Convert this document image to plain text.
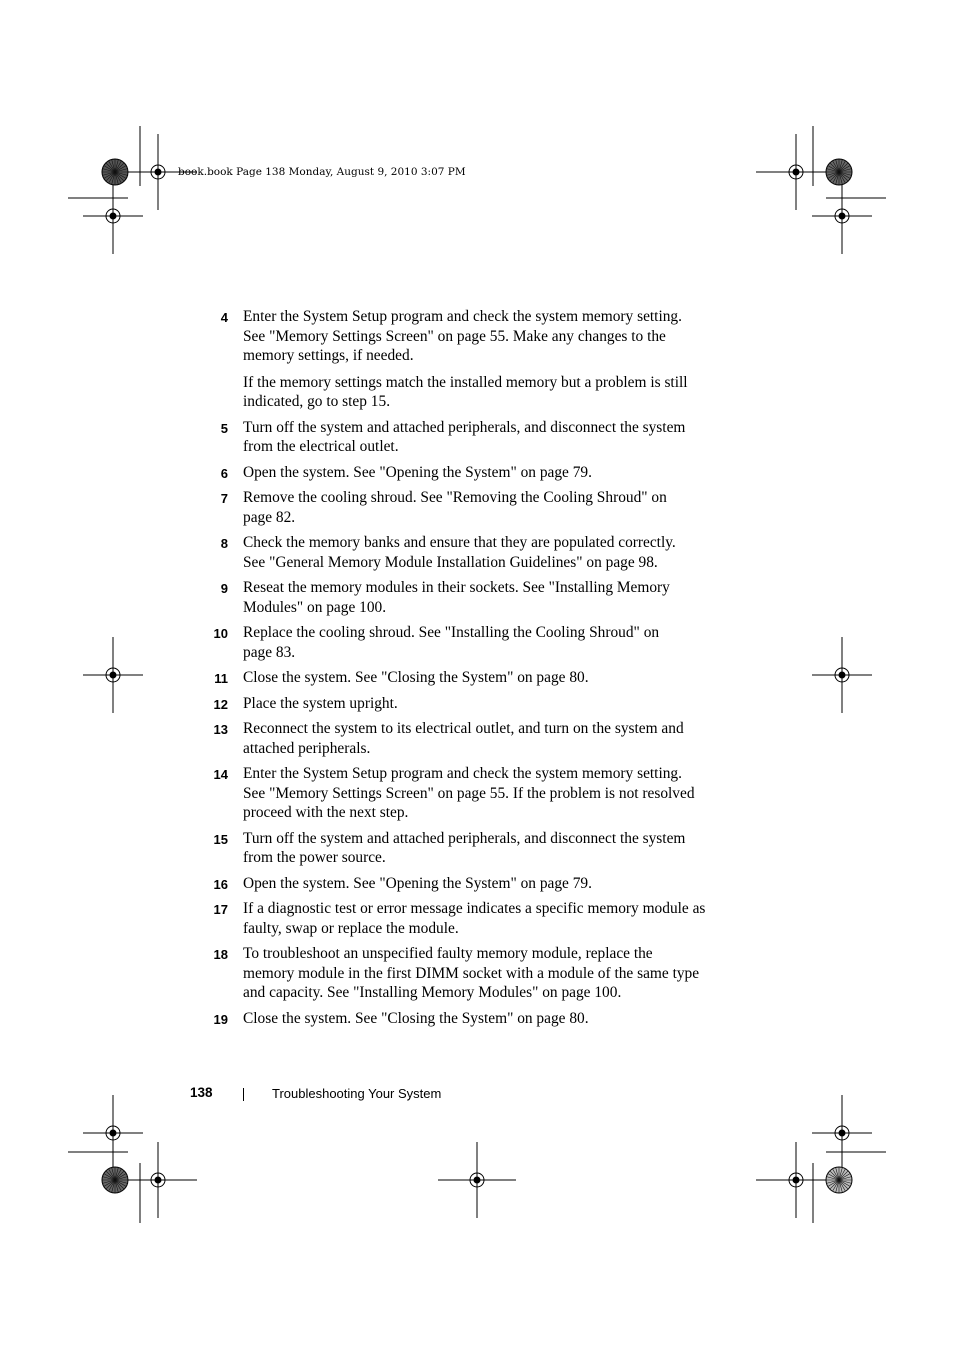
book.book Page 138 Monday, August 9, 2010 3:07 PM
4 Enter the System Setup program and check the system memory setting.
See "Memory Settings Screen" on page 55. Make any changes to the
memory settings, if needed.
If the memory settings match the installed memory but a problem is still
indicated, go to step 15.
5 Turn off the system and attached peripherals, and disconnect the system
from the electrical outlet.
6 Open the system. See "Opening the System" on page 79.
7 Remove the cooling shroud. See "Removing the Cooling Shroud" on
page 82.
8 Check the memory banks and ensure that they are populated correctly.
See "General Memory Module Installation Guidelines" on page 98.
9 Reseat the memory modules in their sockets. See "Installing Memory
Modules" on page 100.
10 Replace the cooling shroud. See "Installing the Cooling Shroud" on
page 83.
11 Close the system. See "Closing the System" on page 80.
12 Place the system upright.
13 Reconnect the system to its electrical outlet, and turn on the system and
attached peripherals.
14 Enter the System Setup program and check the system memory setting.
See "Memory Settings Screen" on page 55. If the problem is not resolved
proceed with the next step.
15 Turn off the system and attached peripherals, and disconnect the system
from the power source.
16 Open the system. See "Opening the System" on page 79.
17 If a diagnostic test or error message indicates a specific memory module as
faulty, swap or replace the module.
18 To troubleshoot an unspecified faulty memory module, replace the
memory module in the first DIMM socket with a module of the same type
and capacity. See "Installing Memory Modules" on page 100.
19 Close the system. See "Closing the System" on page 80.
138	Troubleshooting Your System
